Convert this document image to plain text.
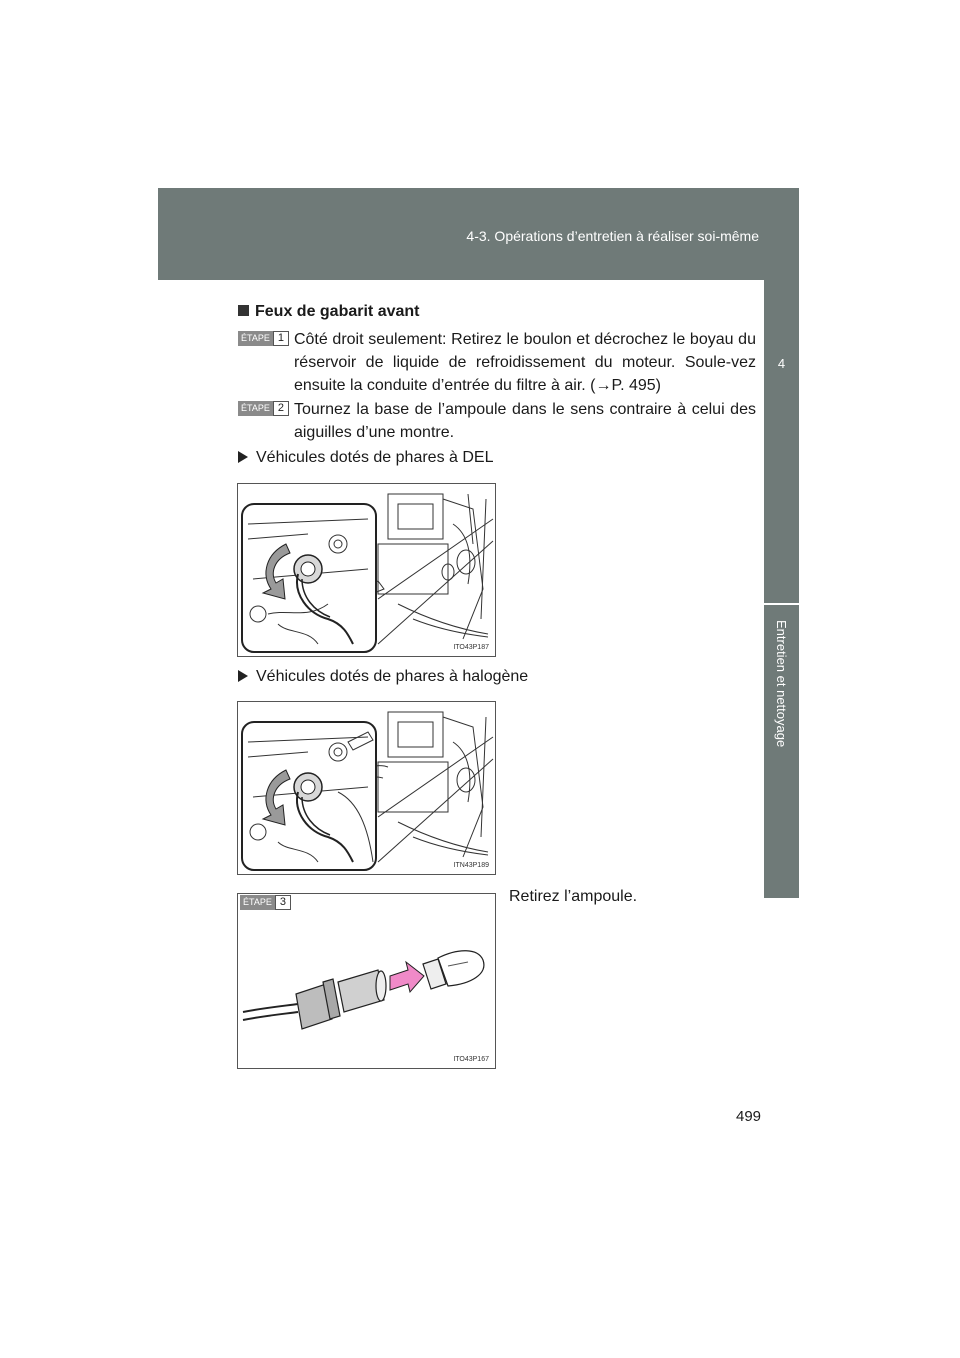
4-3. Opérations d’entretien à réaliser soi-même
4
Entretien et nettoyage
Feux de gabarit avant
ÉTAPE 1 Côté droit seulement: Retirez le boulon et décrochez le boyau du réservoir de liquide de refroidissement du moteur. Soule-vez ensuite la conduite d’entrée du filtre à air. (→P. 495)
ÉTAPE 2 Tournez la base de l’ampoule dans le sens contraire à celui des aiguilles d’une montre.
Véhicules dotés de phares à DEL
ITO43P187
Véhicules dotés de phares à halogène
ITN43P189
ÉTAPE 3
ITO43P167
Retirez l’ampoule.
499
